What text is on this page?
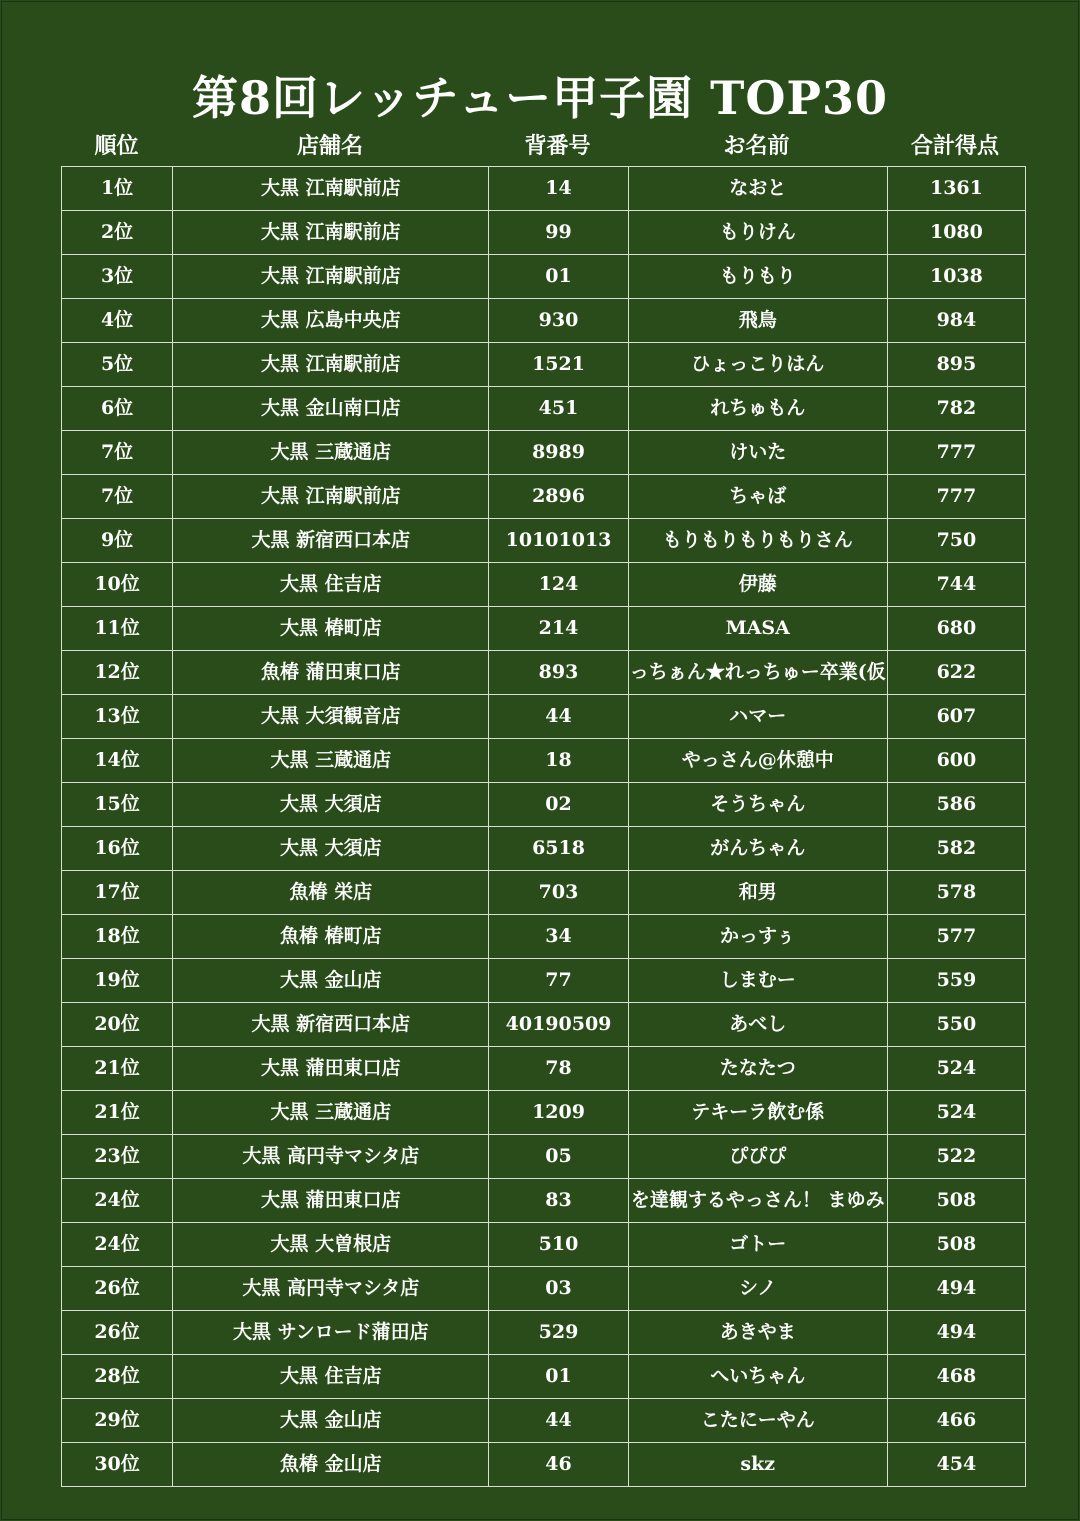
第8回レッチュー甲子園 TOP30
順位	店舗名	背番号	お名前	合計得点
1位	大黒 江南駅前店	14	なおと	1361
2位	大黒 江南駅前店	99	もりけん	1080
3位	大黒 江南駅前店	01	もりもり	1038
4位	大黒 広島中央店	930	飛鳥	984
5位	大黒 江南駅前店	1521	ひょっこりはん	895
6位	大黒 金山南口店	451	れちゅもん	782
7位	大黒 三蔵通店	8989	けいた	777
7位	大黒 江南駅前店	2896	ちゃば	777
9位	大黒 新宿西口本店	10101013	もりもりもりもりさん	750
10位	大黒 住吉店	124	伊藤	744
11位	大黒 椿町店	214	MASA	680
12位	魚椿 蒲田東口店	893	っちぁん★れっちゅー卒業(仮	622
13位	大黒 大須観音店	44	ハマー	607
14位	大黒 三蔵通店	18	やっさん@休憩中	600
15位	大黒 大須店	02	そうちゃん	586
16位	大黒 大須店	6518	がんちゃん	582
17位	魚椿 栄店	703	和男	578
18位	魚椿 椿町店	34	かっすぅ	577
19位	大黒 金山店	77	しまむー	559
20位	大黒 新宿西口本店	40190509	あべし	550
21位	大黒 蒲田東口店	78	たなたつ	524
21位	大黒 三蔵通店	1209	テキーラ飲む係	524
23位	大黒 高円寺マシタ店	05	ぴぴぴ	522
24位	大黒 蒲田東口店	83	を達観するやっさん！ まゆみ	508
24位	大黒 大曽根店	510	ゴトー	508
26位	大黒 高円寺マシタ店	03	シノ	494
26位	大黒 サンロード蒲田店	529	あきやま	494
28位	大黒 住吉店	01	へいちゃん	468
29位	大黒 金山店	44	こたにーやん	466
30位	魚椿 金山店	46	skz	454
